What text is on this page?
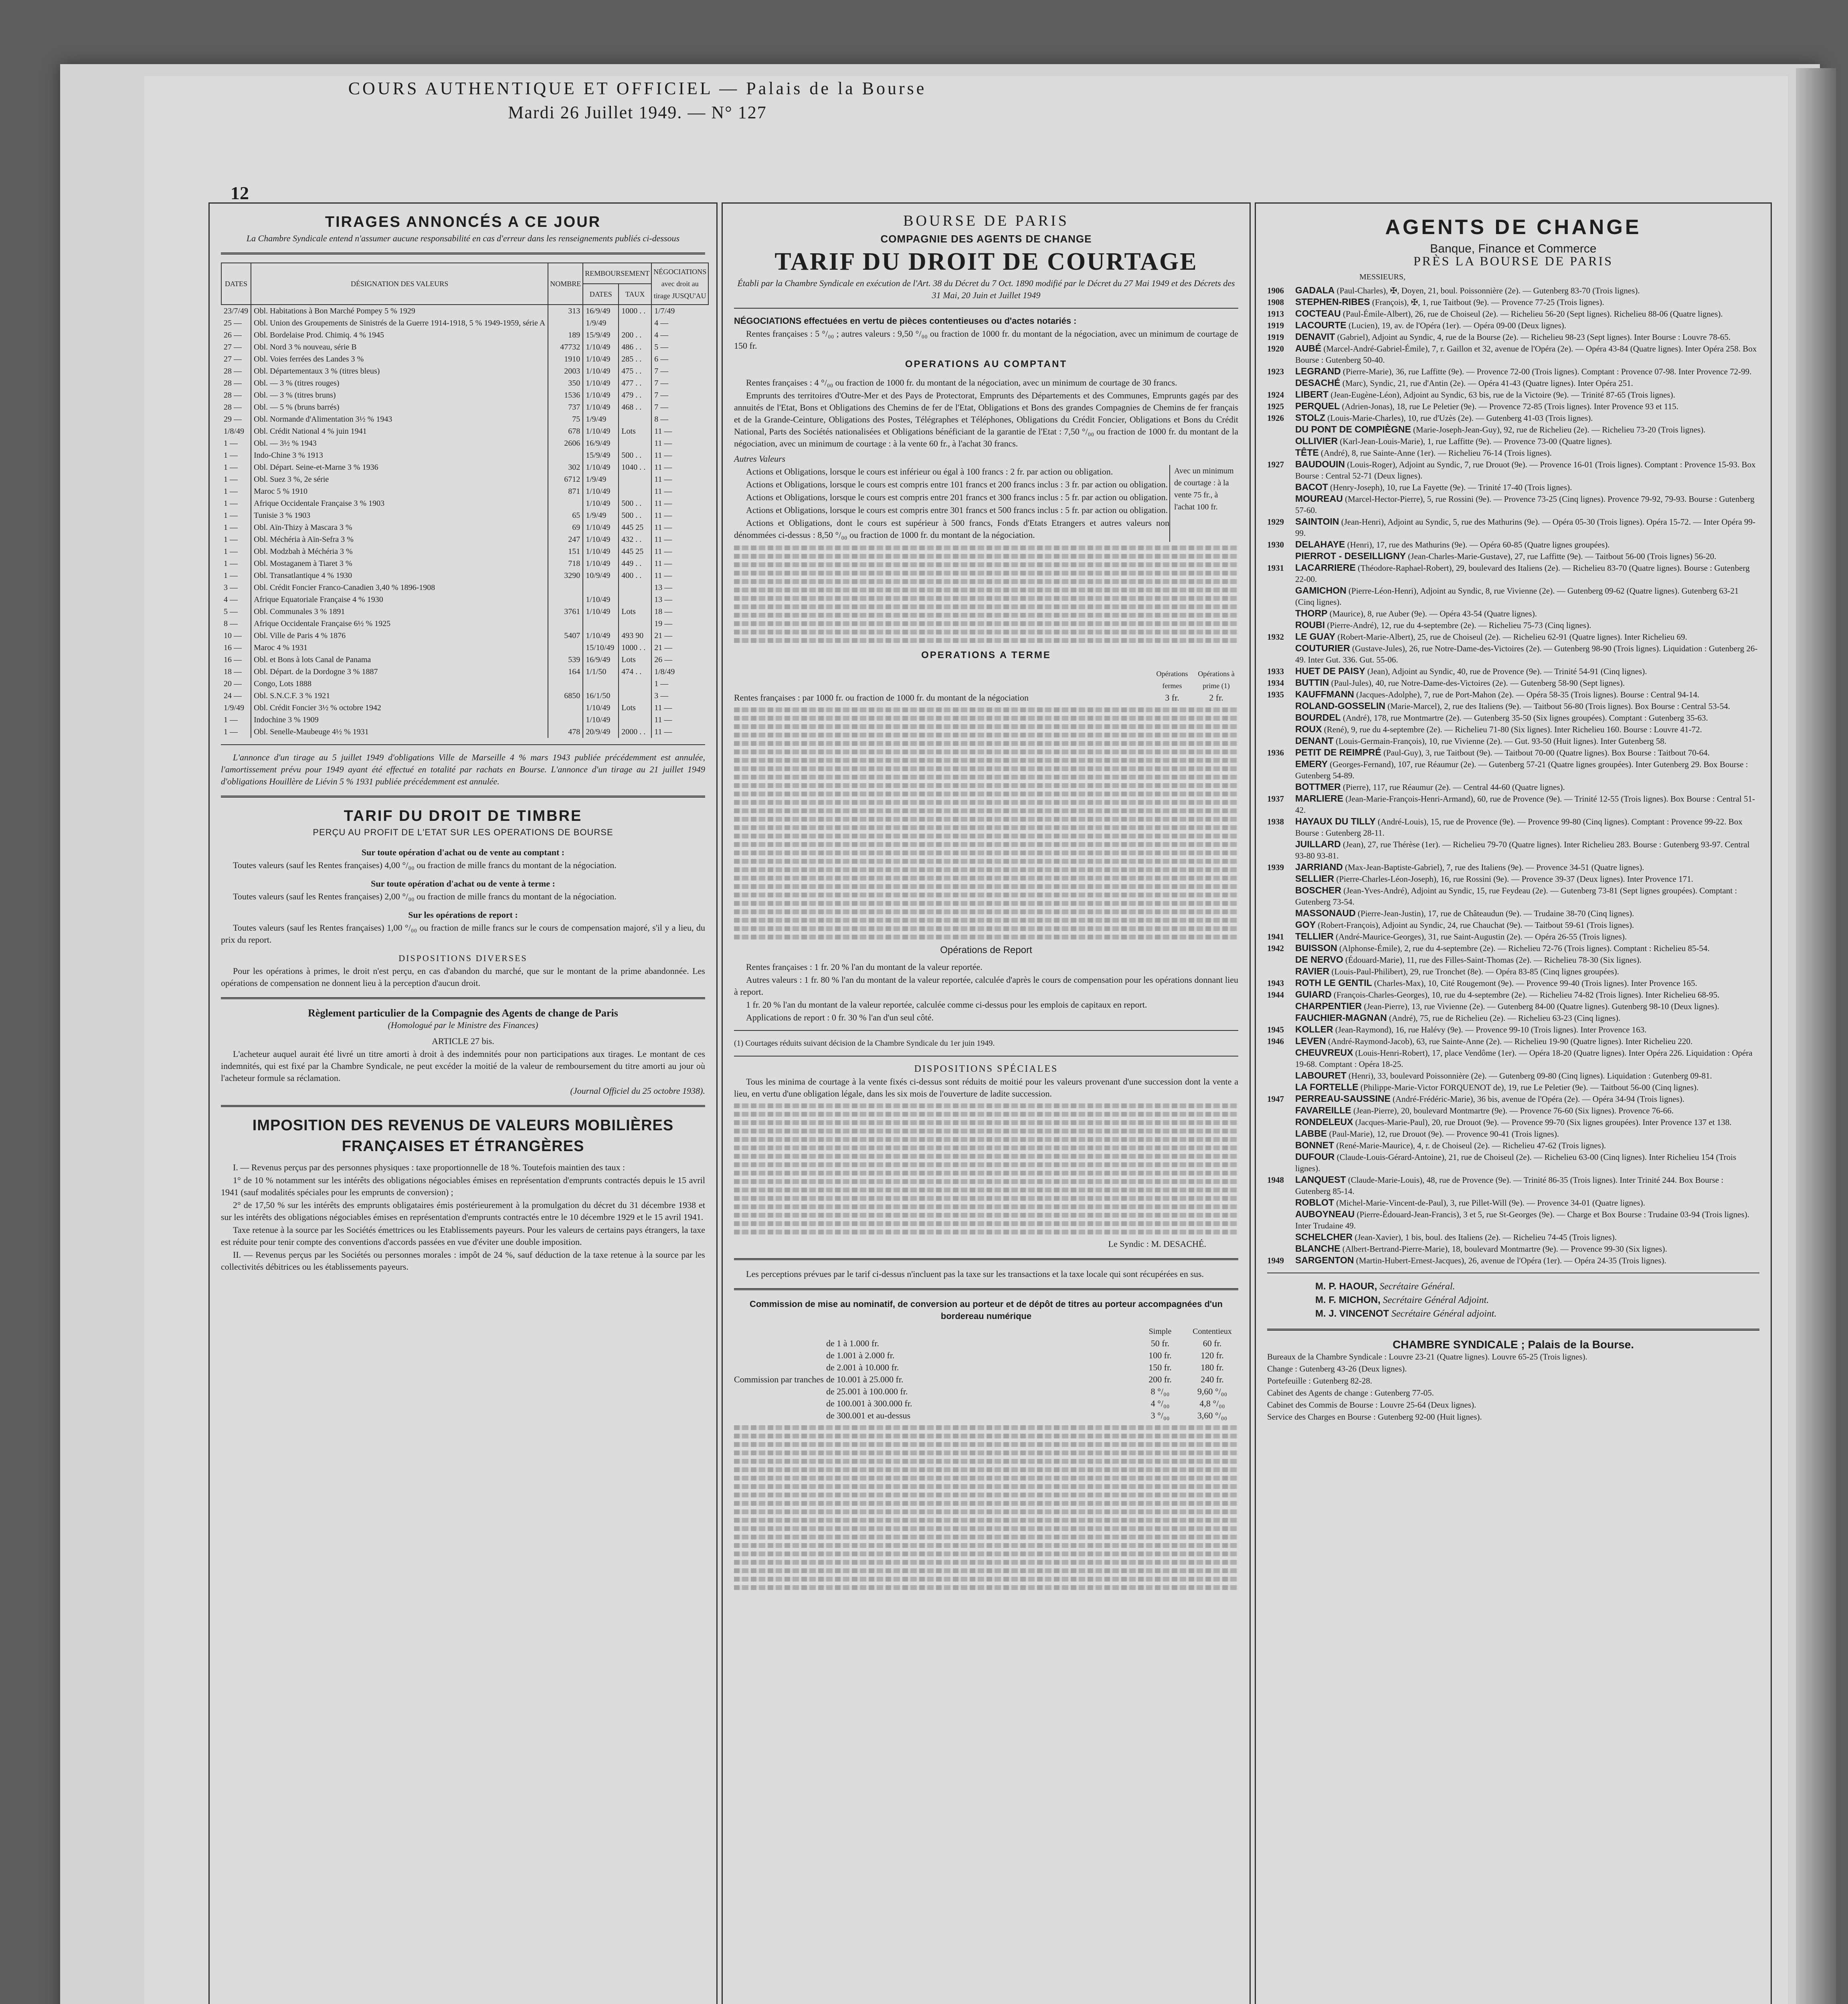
COURS AUTHENTIQUE ET OFFICIEL — Palais de la Bourse
Mardi 26 Juillet 1949. — N° 127
12
TIRAGES ANNONCÉS A CE JOUR
La Chambre Syndicale entend n'assumer aucune responsabilité en cas d'erreur dans les renseignements publiés ci-dessous
DATES	DÉSIGNATION DES VALEURS	NOMBRE	REMBOURSEMENT		NÉGOCIATIONS avec droit au tirage JUSQU'AU
			DATES	TAUX	
23/7/49	Obl. Habitations à Bon Marché Pompey 5 % 1929	313	16/9/49	1000 . .	1/7/49
25 —	Obl. Union des Groupements de Sinistrés de la Guerre 1914-1918, 5 % 1949-1959, série A		1/9/49		4 —
26 —	Obl. Bordelaise Prod. Chimiq. 4 % 1945	189	15/9/49	200 . .	4 —
27 —	Obl. Nord 3 % nouveau, série B	47732	1/10/49	486 . .	5 —
27 —	Obl. Voies ferrées des Landes 3 %	1910	1/10/49	285 . .	6 —
28 —	Obl. Départementaux 3 % (titres bleus)	2003	1/10/49	475 . .	7 —
28 —	Obl. — 3 % (titres rouges)	350	1/10/49	477 . .	7 —
28 —	Obl. — 3 % (titres bruns)	1536	1/10/49	479 . .	7 —
28 —	Obl. — 5 % (bruns barrés)	737	1/10/49	468 . .	7 —
29 —	Obl. Normande d'Alimentation 3½ % 1943	75	1/9/49		8 —
1/8/49	Obl. Crédit National 4 % juin 1941	678	1/10/49	Lots	11 —
1 —	Obl. — 3½ % 1943	2606	16/9/49		11 —
1 —	Indo-Chine 3 % 1913		15/9/49	500 . .	11 —
1 —	Obl. Départ. Seine-et-Marne 3 % 1936	302	1/10/49	1040 . .	11 —
1 —	Obl. Suez 3 %, 2e série	6712	1/9/49		11 —
1 —	Maroc 5 % 1910	871	1/10/49		11 —
1 —	Afrique Occidentale Française 3 % 1903		1/10/49	500 . .	11 —
1 —	Tunisie 3 % 1903	65	1/9/49	500 . .	11 —
1 —	Obl. Aïn-Thizy à Mascara 3 %	69	1/10/49	445 25	11 —
1 —	Obl. Méchéria à Aïn-Sefra 3 %	247	1/10/49	432 . .	11 —
1 —	Obl. Modzbah à Méchéria 3 %	151	1/10/49	445 25	11 —
1 —	Obl. Mostaganem à Tiaret 3 %	718	1/10/49	449 . .	11 —
1 —	Obl. Transatlantique 4 % 1930	3290	10/9/49	400 . .	11 —
3 —	Obl. Crédit Foncier Franco-Canadien 3,40 % 1896-1908				13 —
4 —	Afrique Equatoriale Française 4 % 1930		1/10/49		13 —
5 —	Obl. Communales 3 % 1891	3761	1/10/49	Lots	18 —
8 —	Afrique Occidentale Française 6½ % 1925				19 —
10 —	Obl. Ville de Paris 4 % 1876	5407	1/10/49	493 90	21 —
16 —	Maroc 4 % 1931		15/10/49	1000 . .	21 —
16 —	Obl. et Bons à lots Canal de Panama	539	16/9/49	Lots	26 —
18 —	Obl. Départ. de la Dordogne 3 % 1887	164	1/1/50	474 . .	1/8/49
20 —	Congo, Lots 1888				1 —
24 —	Obl. S.N.C.F. 3 % 1921	6850	16/1/50		3 —
1/9/49	Obl. Crédit Foncier 3½ % octobre 1942		1/10/49	Lots	11 —
1 —	Indochine 3 % 1909		1/10/49		11 —
1 —	Obl. Senelle-Maubeuge 4½ % 1931	478	20/9/49	2000 . .	11 —
L'annonce d'un tirage au 5 juillet 1949 d'obligations Ville de Marseille 4 % mars 1943 publiée précédemment est annulée, l'amortissement prévu pour 1949 ayant été effectué en totalité par rachats en Bourse. L'annonce d'un tirage au 21 juillet 1949 d'obligations Houillère de Liévin 5 % 1931 publiée précédemment est annulée.
TARIF DU DROIT DE TIMBRE
PERÇU AU PROFIT DE L'ETAT SUR LES OPERATIONS DE BOURSE
Sur toute opération d'achat ou de vente au comptant :
Toutes valeurs (sauf les Rentes françaises) 4,00 °/₀₀ ou fraction de mille francs du montant de la négociation.
Sur toute opération d'achat ou de vente à terme :
Toutes valeurs (sauf les Rentes françaises) 2,00 °/₀₀ ou fraction de mille francs du montant de la négociation.
Sur les opérations de report :
Toutes valeurs (sauf les Rentes françaises) 1,00 °/₀₀ ou fraction de mille francs sur le cours de compensation majoré, s'il y a lieu, du prix du report.
DISPOSITIONS DIVERSES
Pour les opérations à primes, le droit n'est perçu, en cas d'abandon du marché, que sur le montant de la prime abandonnée. Les opérations de compensation ne donnent lieu à la perception d'aucun droit.
Règlement particulier de la Compagnie des Agents de change de Paris
(Homologué par le Ministre des Finances)
ARTICLE 27 bis.
L'acheteur auquel aurait été livré un titre amorti à droit à des indemnités pour non participations aux tirages. Le montant de ces indemnités, qui est fixé par la Chambre Syndicale, ne peut excéder la moitié de la valeur de remboursement du titre amorti au jour où l'acheteur formule sa réclamation.
(Journal Officiel du 25 octobre 1938).
IMPOSITION DES REVENUS DE VALEURS MOBILIÈRES
FRANÇAISES ET ÉTRANGÈRES
I. — Revenus perçus par des personnes physiques : taxe proportionnelle de 18 %. Toutefois maintien des taux :
1° de 10 % notamment sur les intérêts des obligations négociables émises en représentation d'emprunts contractés depuis le 15 avril 1941 (sauf modalités spéciales pour les emprunts de conversion) ;
2° de 17,50 % sur les intérêts des emprunts obligataires émis postérieurement à la promulgation du décret du 31 décembre 1938 et sur les intérêts des obligations négociables émises en représentation d'emprunts contractés entre le 10 décembre 1929 et le 15 avril 1941.
Taxe retenue à la source par les Sociétés émettrices ou les Etablissements payeurs. Pour les valeurs de certains pays étrangers, la taxe est réduite pour tenir compte des conventions d'accords passées en vue d'éviter une double imposition.
II. — Revenus perçus par les Sociétés ou personnes morales : impôt de 24 %, sauf déduction de la taxe retenue à la source par les collectivités débitrices ou les établissements payeurs.
BOURSE DE PARIS
COMPAGNIE DES AGENTS DE CHANGE
TARIF DU DROIT DE COURTAGE
Établi par la Chambre Syndicale en exécution de l'Art. 38 du Décret du 7 Oct. 1890 modifié par le Décret du 27 Mai 1949 et des Décrets des 31 Mai, 20 Juin et Juillet 1949
NÉGOCIATIONS effectuées en vertu de pièces contentieuses ou d'actes notariés :
Rentes françaises : 5 °/₀₀ ; autres valeurs : 9,50 °/₀₀ ou fraction de 1000 fr. du montant de la négociation, avec un minimum de courtage de 150 fr.
OPERATIONS AU COMPTANT
Rentes françaises : 4 °/₀₀ ou fraction de 1000 fr. du montant de la négociation, avec un minimum de courtage de 30 francs.
Emprunts des territoires d'Outre-Mer et des Pays de Protectorat, Emprunts des Départements et des Communes, Emprunts gagés par des annuités de l'Etat, Bons et Obligations des Chemins de fer de l'Etat, Obligations et Bons des grandes Compagnies de Chemins de fer français et de la Grande-Ceinture, Obligations des Postes, Télégraphes et Téléphones, Obligations du Crédit Foncier, Obligations et Bons du Crédit National, Parts des Sociétés nationalisées et Obligations bénéficiant de la garantie de l'Etat : 7,50 °/₀₀ ou fraction de 1000 fr. du montant de la négociation, avec un minimum de courtage : à la vente 60 fr., à l'achat 30 francs.
Autres Valeurs
Actions et Obligations, lorsque le cours est inférieur ou égal à 100 francs : 2 fr. par action ou obligation.
Actions et Obligations, lorsque le cours est compris entre 101 francs et 200 francs inclus : 3 fr. par action ou obligation.
Actions et Obligations, lorsque le cours est compris entre 201 francs et 300 francs inclus : 5 fr. par action ou obligation.
Actions et Obligations, lorsque le cours est compris entre 301 francs et 500 francs inclus : 5 fr. par action ou obligation.
Actions et Obligations, dont le cours est supérieur à 500 francs, Fonds d'Etats Etrangers et autres valeurs non dénommées ci-dessus : 8,50 °/₀₀ ou fraction de 1000 fr. du montant de la négociation.
Avec un minimum de courtage : à la vente 75 fr., à l'achat 100 fr.
OPERATIONS A TERME
Opérations fermes
Opérations à prime (1)
Rentes françaises : par 1000 fr. ou fraction de 1000 fr. du montant de la négociation	3 fr.	2 fr.
Opérations de Report
Rentes françaises : 1 fr. 20 % l'an du montant de la valeur reportée.
Autres valeurs : 1 fr. 80 % l'an du montant de la valeur reportée, calculée d'après le cours de compensation pour les opérations donnant lieu à report.
1 fr. 20 % l'an du montant de la valeur reportée, calculée comme ci-dessus pour les emplois de capitaux en report.
Applications de report : 0 fr. 30 % l'an d'un seul côté.
(1) Courtages réduits suivant décision de la Chambre Syndicale du 1er juin 1949.
DISPOSITIONS SPÉCIALES
Tous les minima de courtage à la vente fixés ci-dessus sont réduits de moitié pour les valeurs provenant d'une succession dont la vente a lieu, en vertu d'une obligation légale, dans les six mois de l'ouverture de ladite succession.
Le Syndic : M. DESACHÉ.
Les perceptions prévues par le tarif ci-dessus n'incluent pas la taxe sur les transactions et la taxe locale qui sont récupérées en sus.
Commission de mise au nominatif, de conversion au porteur et de dépôt de titres au porteur accompagnées d'un bordereau numérique
Simple	Contentieux
Commission par tranches
de 1 à 1.000 fr.	50 fr.	60 fr.
de 1.001 à 2.000 fr.	100 fr.	120 fr.
de 2.001 à 10.000 fr.	150 fr.	180 fr.
de 10.001 à 25.000 fr.	200 fr.	240 fr.
de 25.001 à 100.000 fr.	8 °/₀₀	9,60 °/₀₀
de 100.001 à 300.000 fr.	4 °/₀₀	4,8 °/₀₀
de 300.001 et au-dessus	3 °/₀₀	3,60 °/₀₀
AGENTS DE CHANGE
Banque, Finance et Commerce
PRÈS LA BOURSE DE PARIS
MESSIEURS,
1906 GADALA (Paul-Charles), ✠, Doyen, 21, boul. Poissonnière (2e). — Gutenberg 83-70 (Trois lignes).
1908 STEPHEN-RIBES (François), ✠, 1, rue Taitbout (9e). — Provence 77-25 (Trois lignes).
1913 COCTEAU (Paul-Émile-Albert), 26, rue de Choiseul (2e). — Richelieu 56-20 (Sept lignes). Richelieu 88-06 (Quatre lignes).
1919 LACOURTE (Lucien), 19, av. de l'Opéra (1er). — Opéra 09-00 (Deux lignes).
1919 DENAVIT (Gabriel), Adjoint au Syndic, 4, rue de la Bourse (2e). — Richelieu 98-23 (Sept lignes). Inter Bourse : Louvre 78-65.
1920 AUBÉ (Marcel-André-Gabriel-Émile), 7, r. Gaillon et 32, avenue de l'Opéra (2e). — Opéra 43-84 (Quatre lignes). Inter Opéra 258. Box Bourse : Gutenberg 50-40.
1923 LEGRAND (Pierre-Marie), 36, rue Laffitte (9e). — Provence 72-00 (Trois lignes). Comptant : Provence 07-98. Inter Provence 72-99.
DESACHÉ (Marc), Syndic, 21, rue d'Antin (2e). — Opéra 41-43 (Quatre lignes). Inter Opéra 251.
1924 LIBERT (Jean-Eugène-Léon), Adjoint au Syndic, 63 bis, rue de la Victoire (9e). — Trinité 87-65 (Trois lignes).
1925 PERQUEL (Adrien-Jonas), 18, rue Le Peletier (9e). — Provence 72-85 (Trois lignes). Inter Provence 93 et 115.
1926 STOLZ (Louis-Marie-Charles), 10, rue d'Uzès (2e). — Gutenberg 41-03 (Trois lignes).
DU PONT DE COMPIÈGNE (Marie-Joseph-Jean-Guy), 92, rue de Richelieu (2e). — Richelieu 73-20 (Trois lignes).
OLLIVIER (Karl-Jean-Louis-Marie), 1, rue Laffitte (9e). — Provence 73-00 (Quatre lignes).
TÊTE (André), 8, rue Sainte-Anne (1er). — Richelieu 76-14 (Trois lignes).
1927 BAUDOUIN (Louis-Roger), Adjoint au Syndic, 7, rue Drouot (9e). — Provence 16-01 (Trois lignes). Comptant : Provence 15-93. Box Bourse : Central 52-71 (Deux lignes).
BACOT (Henry-Joseph), 10, rue La Fayette (9e). — Trinité 17-40 (Trois lignes).
MOUREAU (Marcel-Hector-Pierre), 5, rue Rossini (9e). — Provence 73-25 (Cinq lignes). Provence 79-92, 79-93. Bourse : Gutenberg 57-60.
1929 SAINTOIN (Jean-Henri), Adjoint au Syndic, 5, rue des Mathurins (9e). — Opéra 05-30 (Trois lignes). Opéra 15-72. — Inter Opéra 99-99.
1930 DELAHAYE (Henri), 17, rue des Mathurins (9e). — Opéra 60-85 (Quatre lignes groupées).
PIERROT - DESEILLIGNY (Jean-Charles-Marie-Gustave), 27, rue Laffitte (9e). — Taitbout 56-00 (Trois lignes) 56-20.
1931 LACARRIERE (Théodore-Raphael-Robert), 29, boulevard des Italiens (2e). — Richelieu 83-70 (Quatre lignes). Bourse : Gutenberg 22-00.
GAMICHON (Pierre-Léon-Henri), Adjoint au Syndic, 8, rue Vivienne (2e). — Gutenberg 09-62 (Quatre lignes). Gutenberg 63-21 (Cinq lignes).
THORP (Maurice), 8, rue Auber (9e). — Opéra 43-54 (Quatre lignes).
ROUBI (Pierre-André), 12, rue du 4-septembre (2e). — Richelieu 75-73 (Cinq lignes).
1932 LE GUAY (Robert-Marie-Albert), 25, rue de Choiseul (2e). — Richelieu 62-91 (Quatre lignes). Inter Richelieu 69.
COUTURIER (Gustave-Jules), 26, rue Notre-Dame-des-Victoires (2e). — Gutenberg 98-90 (Trois lignes). Liquidation : Gutenberg 26-49. Inter Gut. 336. Gut. 55-06.
1933 HUET DE PAISY (Jean), Adjoint au Syndic, 40, rue de Provence (9e). — Trinité 54-91 (Cinq lignes).
1934 BUTTIN (Paul-Jules), 40, rue Notre-Dame-des-Victoires (2e). — Gutenberg 58-90 (Sept lignes).
1935 KAUFFMANN (Jacques-Adolphe), 7, rue de Port-Mahon (2e). — Opéra 58-35 (Trois lignes). Bourse : Central 94-14.
ROLAND-GOSSELIN (Marie-Marcel), 2, rue des Italiens (9e). — Taitbout 56-80 (Trois lignes). Box Bourse : Central 53-54.
BOURDEL (André), 178, rue Montmartre (2e). — Gutenberg 35-50 (Six lignes groupées). Comptant : Gutenberg 35-63.
ROUX (René), 9, rue du 4-septembre (2e). — Richelieu 71-80 (Six lignes). Inter Richelieu 160. Bourse : Louvre 41-72.
DENANT (Louis-Germain-François), 10, rue Vivienne (2e). — Gut. 93-50 (Huit lignes). Inter Gutenberg 58.
1936 PETIT DE REIMPRÉ (Paul-Guy), 3, rue Taitbout (9e). — Taitbout 70-00 (Quatre lignes). Box Bourse : Taitbout 70-64.
EMERY (Georges-Fernand), 107, rue Réaumur (2e). — Gutenberg 57-21 (Quatre lignes groupées). Inter Gutenberg 29. Box Bourse : Gutenberg 54-89.
BOTTMER (Pierre), 117, rue Réaumur (2e). — Central 44-60 (Quatre lignes).
1937 MARLIERE (Jean-Marie-François-Henri-Armand), 60, rue de Provence (9e). — Trinité 12-55 (Trois lignes). Box Bourse : Central 51-42.
1938 HAYAUX DU TILLY (André-Louis), 15, rue de Provence (9e). — Provence 99-80 (Cinq lignes). Comptant : Provence 99-22. Box Bourse : Gutenberg 28-11.
JUILLARD (Jean), 27, rue Thérèse (1er). — Richelieu 79-70 (Quatre lignes). Inter Richelieu 283. Bourse : Gutenberg 93-97. Central 93-80 93-81.
1939 JARRIAND (Max-Jean-Baptiste-Gabriel), 7, rue des Italiens (9e). — Provence 34-51 (Quatre lignes).
SELLIER (Pierre-Charles-Léon-Joseph), 16, rue Rossini (9e). — Provence 39-37 (Deux lignes). Inter Provence 171.
BOSCHER (Jean-Yves-André), Adjoint au Syndic, 15, rue Feydeau (2e). — Gutenberg 73-81 (Sept lignes groupées). Comptant : Gutenberg 73-54.
MASSONAUD (Pierre-Jean-Justin), 17, rue de Châteaudun (9e). — Trudaine 38-70 (Cinq lignes).
GOY (Robert-François), Adjoint au Syndic, 24, rue Chauchat (9e). — Taitbout 59-61 (Trois lignes).
1941 TELLIER (André-Maurice-Georges), 31, rue Saint-Augustin (2e). — Opéra 26-55 (Trois lignes).
1942 BUISSON (Alphonse-Émile), 2, rue du 4-septembre (2e). — Richelieu 72-76 (Trois lignes). Comptant : Richelieu 85-54.
DE NERVO (Édouard-Marie), 11, rue des Filles-Saint-Thomas (2e). — Richelieu 78-30 (Six lignes).
RAVIER (Louis-Paul-Philibert), 29, rue Tronchet (8e). — Opéra 83-85 (Cinq lignes groupées).
1943 ROTH LE GENTIL (Charles-Max), 10, Cité Rougemont (9e). — Provence 99-40 (Trois lignes). Inter Provence 165.
1944 GUIARD (François-Charles-Georges), 10, rue du 4-septembre (2e). — Richelieu 74-82 (Trois lignes). Inter Richelieu 68-95.
CHARPENTIER (Jean-Pierre), 13, rue Vivienne (2e). — Gutenberg 84-00 (Quatre lignes). Gutenberg 98-10 (Deux lignes).
FAUCHIER-MAGNAN (André), 75, rue de Richelieu (2e). — Richelieu 63-23 (Cinq lignes).
1945 KOLLER (Jean-Raymond), 16, rue Halévy (9e). — Provence 99-10 (Trois lignes). Inter Provence 163.
1946 LEVEN (André-Raymond-Jacob), 63, rue Sainte-Anne (2e). — Richelieu 19-90 (Quatre lignes). Inter Richelieu 220.
CHEUVREUX (Louis-Henri-Robert), 17, place Vendôme (1er). — Opéra 18-20 (Quatre lignes). Inter Opéra 226. Liquidation : Opéra 19-68. Comptant : Opéra 18-25.
LABOURET (Henri), 33, boulevard Poissonnière (2e). — Gutenberg 09-80 (Cinq lignes). Liquidation : Gutenberg 09-81.
LA FORTELLE (Philippe-Marie-Victor FORQUENOT de), 19, rue Le Peletier (9e). — Taitbout 56-00 (Cinq lignes).
1947 PERREAU-SAUSSINE (André-Frédéric-Marie), 36 bis, avenue de l'Opéra (2e). — Opéra 34-94 (Trois lignes).
FAVAREILLE (Jean-Pierre), 20, boulevard Montmartre (9e). — Provence 76-60 (Six lignes). Provence 76-66.
RONDELEUX (Jacques-Marie-Paul), 20, rue Drouot (9e). — Provence 99-70 (Six lignes groupées). Inter Provence 137 et 138.
LABBE (Paul-Marie), 12, rue Drouot (9e). — Provence 90-41 (Trois lignes).
BONNET (René-Marie-Maurice), 4, r. de Choiseul (2e). — Richelieu 47-62 (Trois lignes).
DUFOUR (Claude-Louis-Gérard-Antoine), 21, rue de Choiseul (2e). — Richelieu 63-00 (Cinq lignes). Inter Richelieu 154 (Trois lignes).
1948 LANQUEST (Claude-Marie-Louis), 48, rue de Provence (9e). — Trinité 86-35 (Trois lignes). Inter Trinité 244. Box Bourse : Gutenberg 85-14.
ROBLOT (Michel-Marie-Vincent-de-Paul), 3, rue Pillet-Will (9e). — Provence 34-01 (Quatre lignes).
AUBOYNEAU (Pierre-Édouard-Jean-Francis), 3 et 5, rue St-Georges (9e). — Charge et Box Bourse : Trudaine 03-94 (Trois lignes). Inter Trudaine 49.
SCHELCHER (Jean-Xavier), 1 bis, boul. des Italiens (2e). — Richelieu 74-45 (Trois lignes).
BLANCHE (Albert-Bertrand-Pierre-Marie), 18, boulevard Montmartre (9e). — Provence 99-30 (Six lignes).
1949 SARGENTON (Martin-Hubert-Ernest-Jacques), 26, avenue de l'Opéra (1er). — Opéra 24-35 (Trois lignes).
M. P. HAOUR, Secrétaire Général.
M. F. MICHON, Secrétaire Général Adjoint.
M. J. VINCENOT Secrétaire Général adjoint.
CHAMBRE SYNDICALE ; Palais de la Bourse.
Bureaux de la Chambre Syndicale : Louvre 23-21 (Quatre lignes). Louvre 65-25 (Trois lignes).
Change : Gutenberg 43-26 (Deux lignes).
Portefeuille : Gutenberg 82-28.
Cabinet des Agents de change : Gutenberg 77-05.
Cabinet des Commis de Bourse : Louvre 25-64 (Deux lignes).
Service des Charges en Bourse : Gutenberg 92-00 (Huit lignes).
